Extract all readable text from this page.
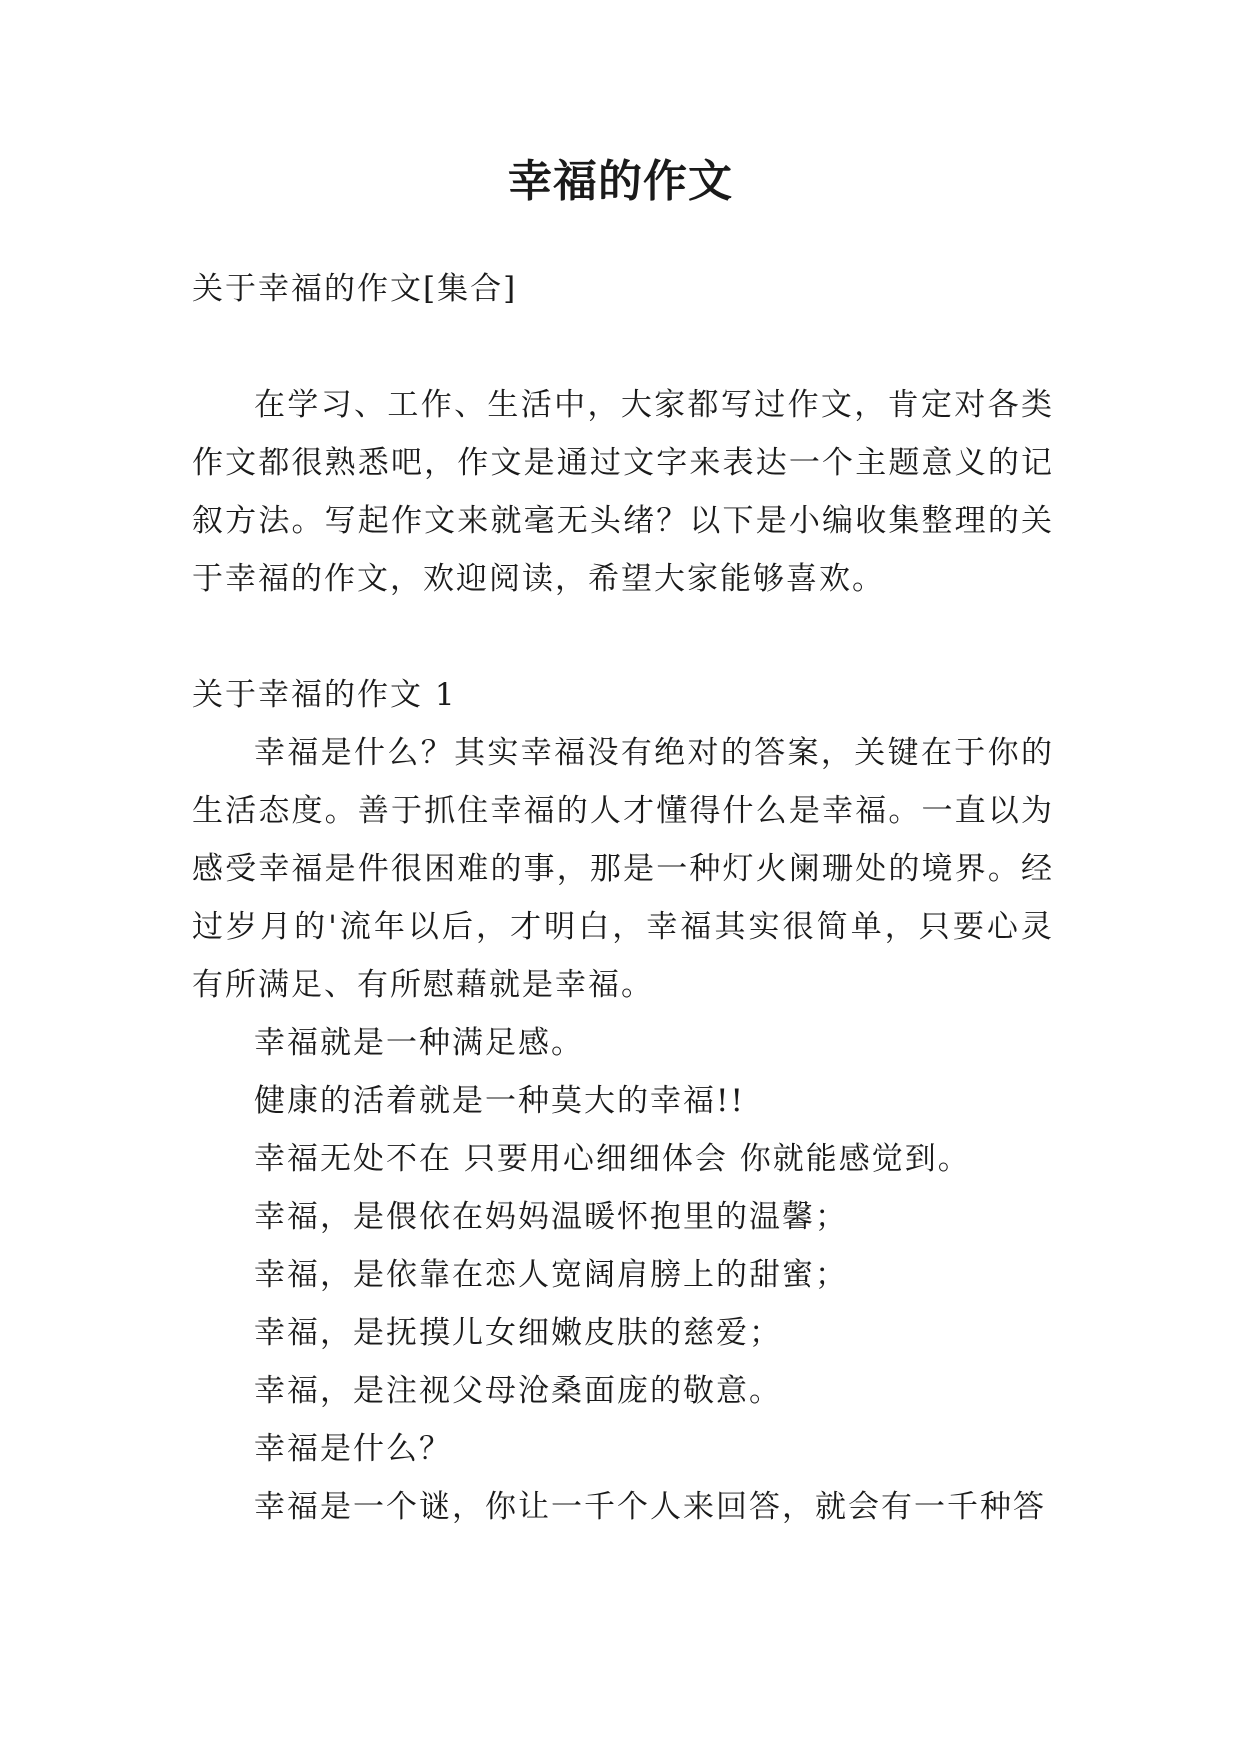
幸福的作文

关于幸福的作文[集合]

在学习、工作、生活中，大家都写过作文，肯定对各类作文都很熟悉吧，作文是通过文字来表达一个主题意义的记叙方法。写起作文来就毫无头绪？以下是小编收集整理的关于幸福的作文，欢迎阅读，希望大家能够喜欢。

关于幸福的作文 1

幸福是什么？其实幸福没有绝对的答案，关键在于你的生活态度。善于抓住幸福的人才懂得什么是幸福。一直以为感受幸福是件很困难的事，那是一种灯火阑珊处的境界。经过岁月的'流年以后，才明白，幸福其实很简单，只要心灵有所满足、有所慰藉就是幸福。

幸福就是一种满足感。

健康的活着就是一种莫大的幸福!!

幸福无处不在 只要用心细细体会 你就能感觉到。

幸福，是偎依在妈妈温暖怀抱里的温馨；

幸福，是依靠在恋人宽阔肩膀上的甜蜜；

幸福，是抚摸儿女细嫩皮肤的慈爱；

幸福，是注视父母沧桑面庞的敬意。

幸福是什么？

幸福是一个谜，你让一千个人来回答，就会有一千种答
